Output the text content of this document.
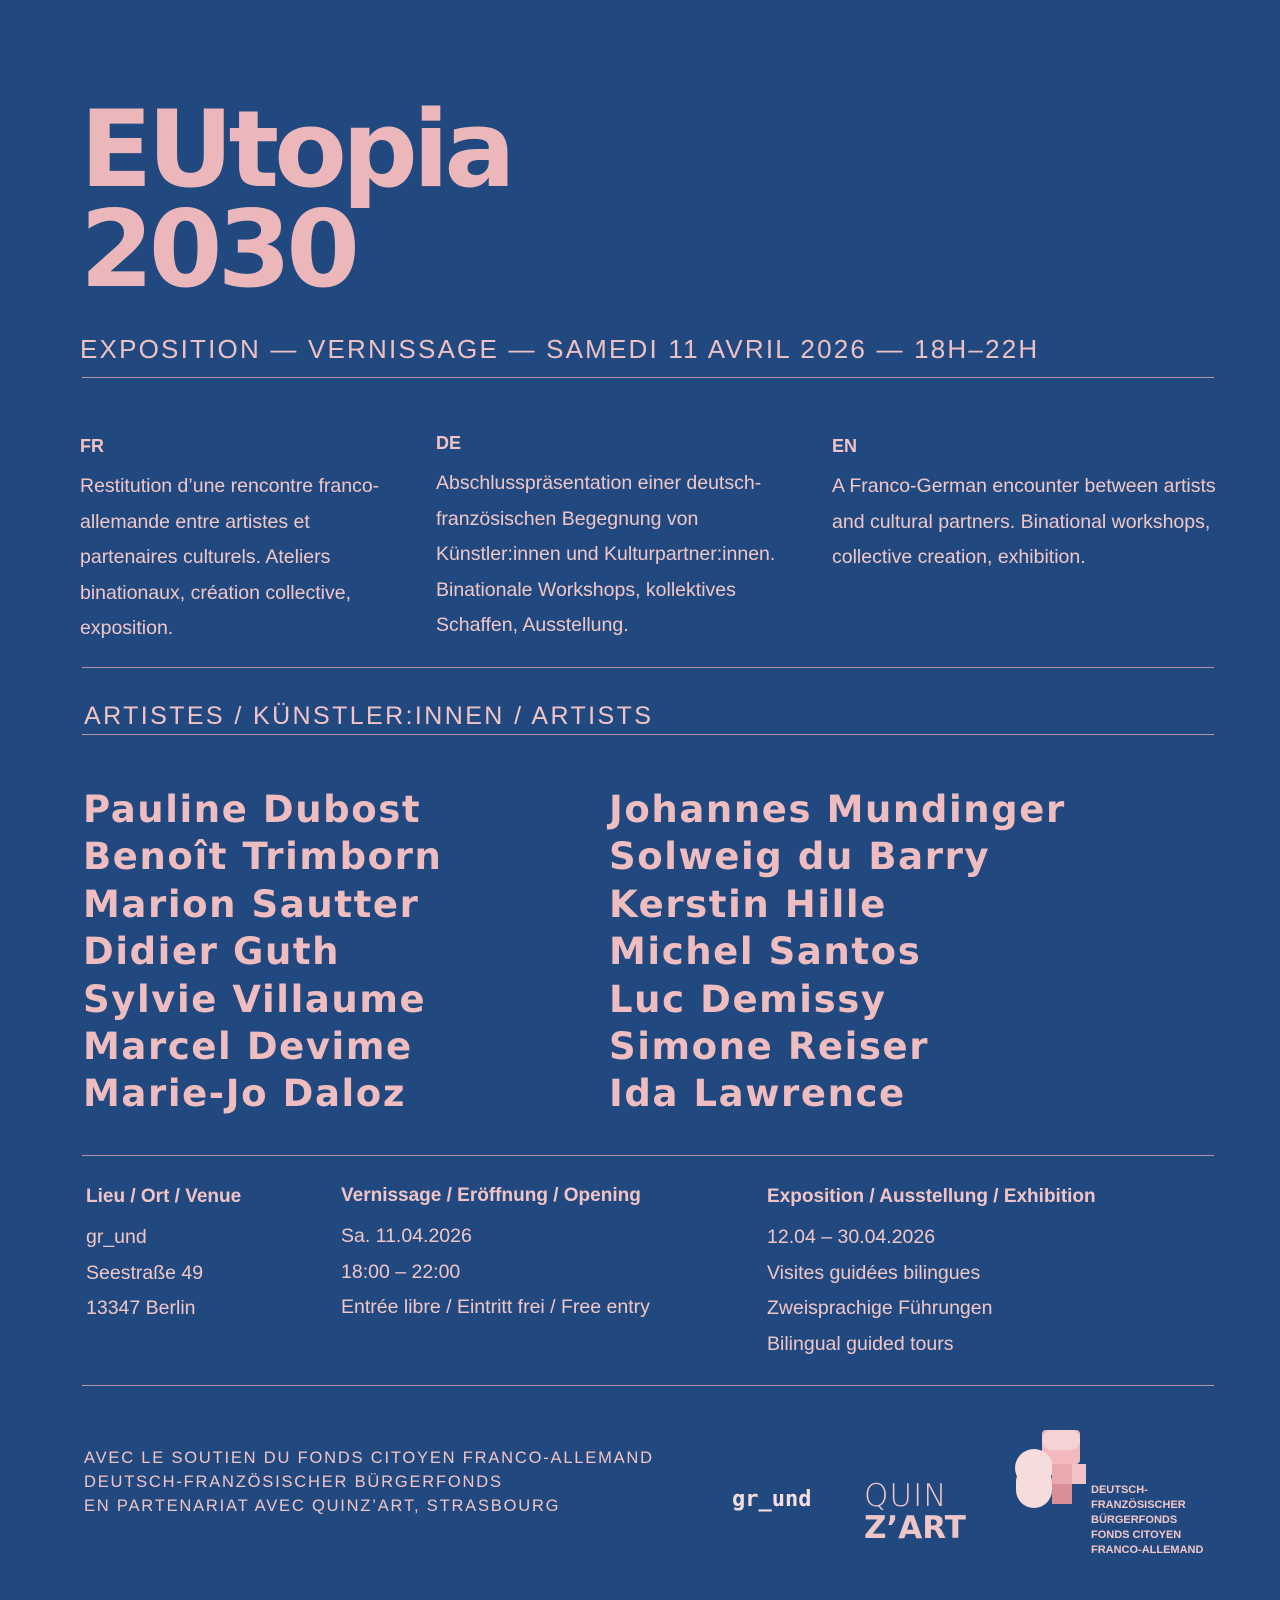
EUtopia
2030
EXPOSITION — VERNISSAGE — SAMEDI 11 AVRIL 2026 — 18H–22H
FR
Restitution d’une rencontre franco-allemande entre artistes et partenaires culturels. Ateliers binationaux, création collective, exposition.
DE
Abschlusspräsentation einer deutsch-französischen Begegnung von Künstler:innen und Kulturpartner:innen. Binationale Workshops, kollektives Schaffen, Ausstellung.
EN
A Franco-German encounter between artists and cultural partners. Binational workshops, collective creation, exhibition.
ARTISTES / KÜNSTLER:INNEN / ARTISTS
Pauline Dubost
Benoît Trimborn
Marion Sautter
Didier Guth
Sylvie Villaume
Marcel Devime
Marie-Jo Daloz
Johannes Mundinger
Solweig du Barry
Kerstin Hille
Michel Santos
Luc Demissy
Simone Reiser
Ida Lawrence
Lieu / Ort / Venue
gr_und
Seestraße 49
13347 Berlin
Vernissage / Eröffnung / Opening
Sa. 11.04.2026
18:00 – 22:00
Entrée libre / Eintritt frei / Free entry
Exposition / Ausstellung / Exhibition
12.04 – 30.04.2026
Visites guidées bilingues
Zweisprachige Führungen
Bilingual guided tours
AVEC LE SOUTIEN DU FONDS CITOYEN FRANCO-ALLEMAND
DEUTSCH-FRANZÖSISCHER BÜRGERFONDS
EN PARTENARIAT AVEC QUINZ’ART, STRASBOURG	gr_und QUIN
Z’ART
DEUTSCH-
FRANZÖSISCHER
BÜRGERFONDS
FONDS CITOYEN
FRANCO-ALLEMAND
